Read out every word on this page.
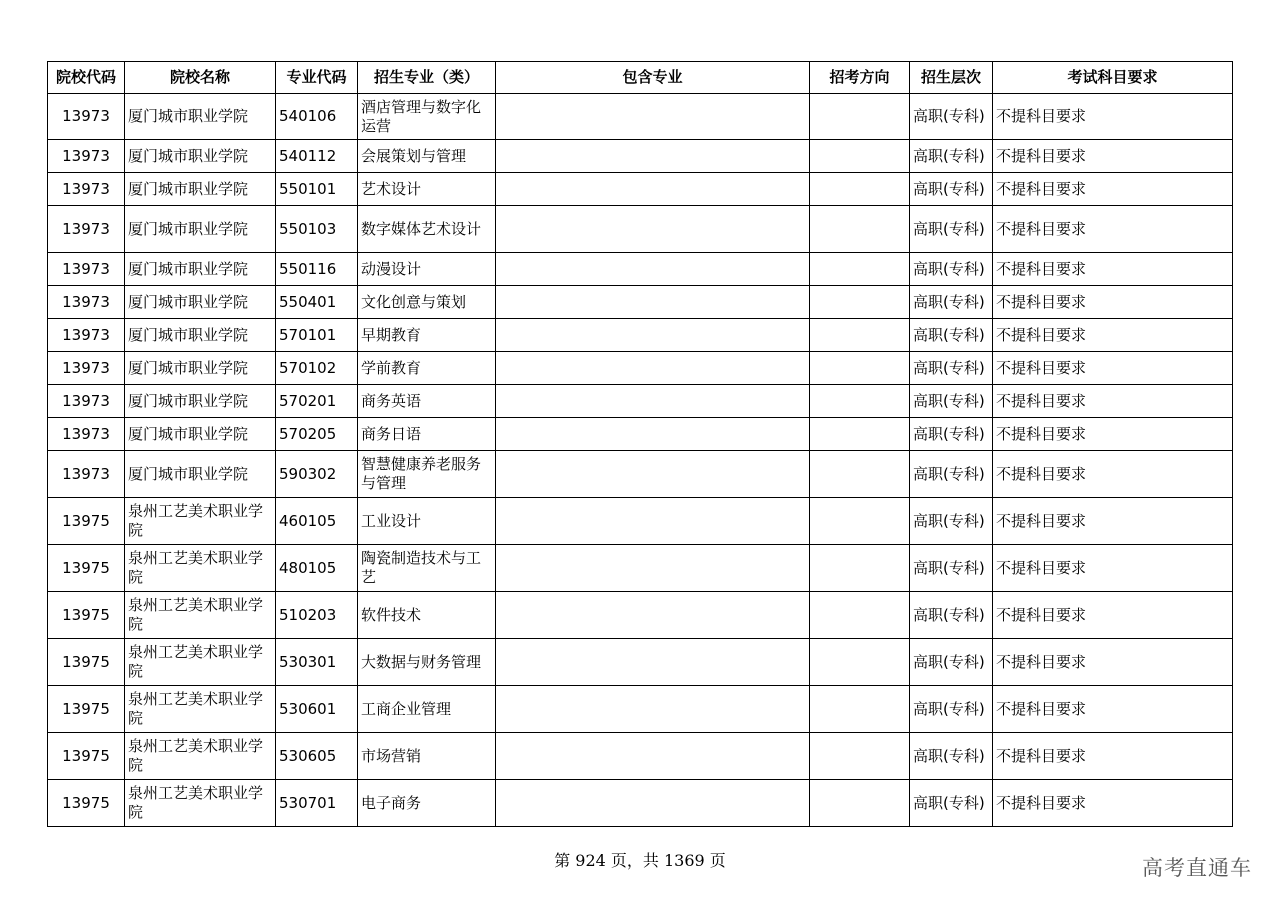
院校代码	院校名称	专业代码	招生专业（类）	包含专业	招考方向	招生层次	考试科目要求
13973	厦门城市职业学院	540106	酒店管理与数字化运营			高职(专科)	不提科目要求
13973	厦门城市职业学院	540112	会展策划与管理			高职(专科)	不提科目要求
13973	厦门城市职业学院	550101	艺术设计			高职(专科)	不提科目要求
13973	厦门城市职业学院	550103	数字媒体艺术设计			高职(专科)	不提科目要求
13973	厦门城市职业学院	550116	动漫设计			高职(专科)	不提科目要求
13973	厦门城市职业学院	550401	文化创意与策划			高职(专科)	不提科目要求
13973	厦门城市职业学院	570101	早期教育			高职(专科)	不提科目要求
13973	厦门城市职业学院	570102	学前教育			高职(专科)	不提科目要求
13973	厦门城市职业学院	570201	商务英语			高职(专科)	不提科目要求
13973	厦门城市职业学院	570205	商务日语			高职(专科)	不提科目要求
13973	厦门城市职业学院	590302	智慧健康养老服务与管理			高职(专科)	不提科目要求
13975	泉州工艺美术职业学院	460105	工业设计			高职(专科)	不提科目要求
13975	泉州工艺美术职业学院	480105	陶瓷制造技术与工艺			高职(专科)	不提科目要求
13975	泉州工艺美术职业学院	510203	软件技术			高职(专科)	不提科目要求
13975	泉州工艺美术职业学院	530301	大数据与财务管理			高职(专科)	不提科目要求
13975	泉州工艺美术职业学院	530601	工商企业管理			高职(专科)	不提科目要求
13975	泉州工艺美术职业学院	530605	市场营销			高职(专科)	不提科目要求
13975	泉州工艺美术职业学院	530701	电子商务			高职(专科)	不提科目要求
第 924 页，共 1369 页	高考直通车
